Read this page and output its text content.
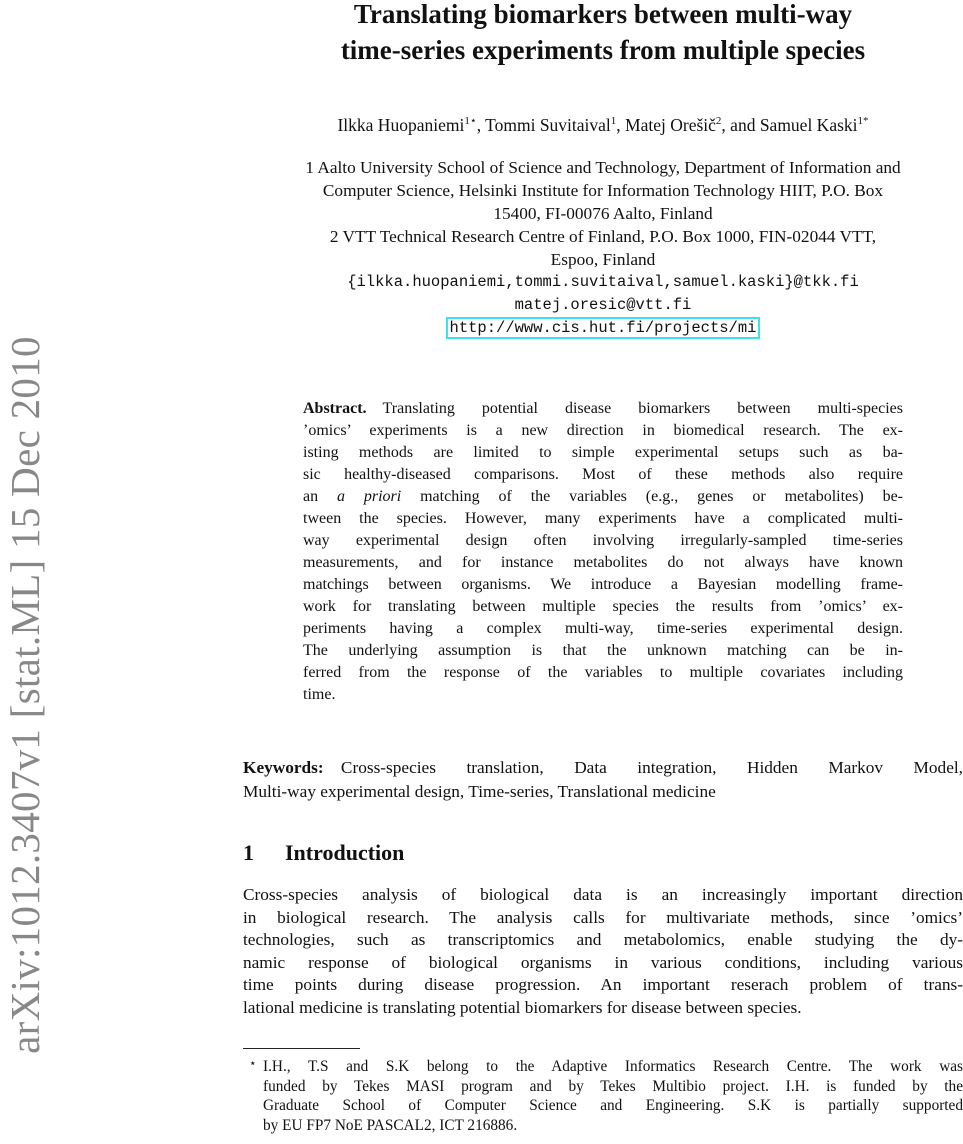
arXiv:1012.3407v1 [stat.ML] 15 Dec 2010
Translating biomarkers between multi-way
time-series experiments from multiple species
Ilkka Huopaniemi$^{1⋆}$, Tommi Suvitaival$^1$, Matej Orešič$^2$, and Samuel Kaski$^{1*}$
1 Aalto University School of Science and Technology, Department of Information and
Computer Science, Helsinki Institute for Information Technology HIIT, P.O. Box
15400, FI-00076 Aalto, Finland
2 VTT Technical Research Centre of Finland, P.O. Box 1000, FIN-02044 VTT,
Espoo, Finland
{ilkka.huopaniemi,tommi.suvitaival,samuel.kaski}@tkk.fi
matej.oresic@vtt.fi
http://www.cis.hut.fi/projects/mi
Abstract.  Translating potential disease biomarkers between multi-species
’omics’ experiments is a new direction in biomedical research. The ex-
isting methods are limited to simple experimental setups such as ba-
sic healthy-diseased comparisons. Most of these methods also require
an a priori matching of the variables (e.g., genes or metabolites) be-
tween the species. However, many experiments have a complicated multi-
way experimental design often involving irregularly-sampled time-series
measurements, and for instance metabolites do not always have known
matchings between organisms. We introduce a Bayesian modelling frame-
work for translating between multiple species the results from ’omics’ ex-
periments having a complex multi-way, time-series experimental design.
The underlying assumption is that the unknown matching can be in-
ferred from the response of the variables to multiple covariates including
time.
Keywords:  Cross-species translation, Data integration, Hidden Markov Model,
Multi-way experimental design, Time-series, Translational medicine
1 Introduction
Cross-species analysis of biological data is an increasingly important direction
in biological research. The analysis calls for multivariate methods, since ’omics’
technologies, such as transcriptomics and metabolomics, enable studying the dy-
namic response of biological organisms in various conditions, including various
time points during disease progression. An important reserach problem of trans-
lational medicine is translating potential biomarkers for disease between species.
⋆ I.H., T.S and S.K belong to the Adaptive Informatics Research Centre. The work was
funded by Tekes MASI program and by Tekes Multibio project. I.H. is funded by the
Graduate School of Computer Science and Engineering. S.K is partially supported
by EU FP7 NoE PASCAL2, ICT 216886.
